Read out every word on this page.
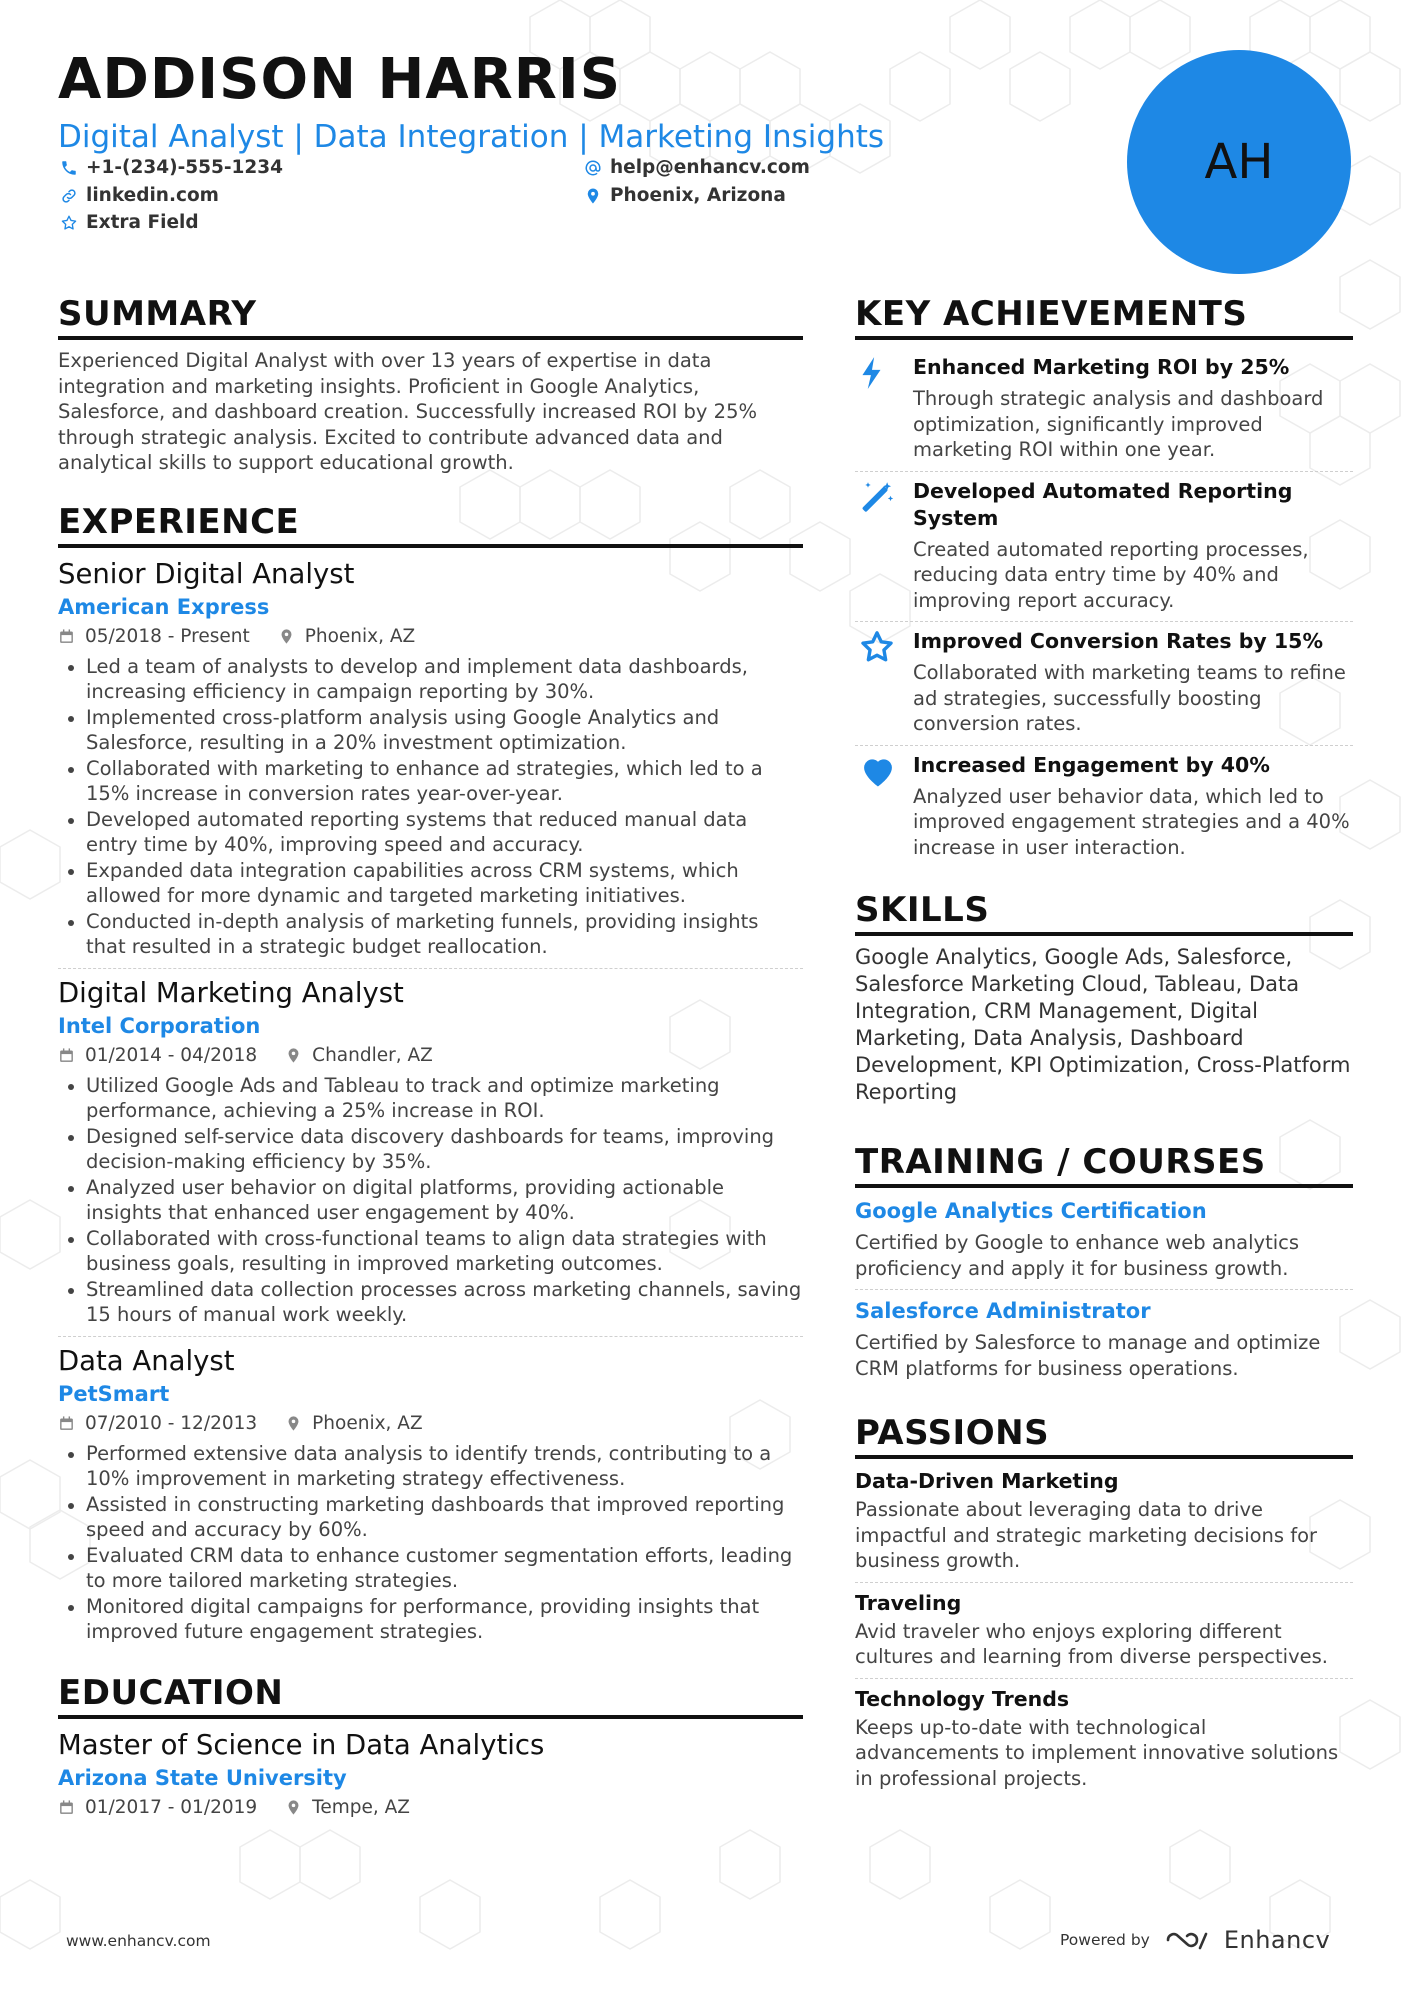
ADDISON HARRIS
Digital Analyst | Data Integration | Marketing Insights
+1-(234)-555-1234	help@enhancv.com
linkedin.com	Phoenix, Arizona
Extra Field
AH
SUMMARY
Experienced Digital Analyst with over 13 years of expertise in data integration and marketing insights. Proficient in Google Analytics, Salesforce, and dashboard creation. Successfully increased ROI by 25% through strategic analysis. Excited to contribute advanced data and analytical skills to support educational growth.
EXPERIENCE
Senior Digital Analyst
American Express
05/2018 - Present	Phoenix, AZ
Led a team of analysts to develop and implement data dashboards, increasing efficiency in campaign reporting by 30%.
Implemented cross-platform analysis using Google Analytics and Salesforce, resulting in a 20% investment optimization.
Collaborated with marketing to enhance ad strategies, which led to a 15% increase in conversion rates year-over-year.
Developed automated reporting systems that reduced manual data entry time by 40%, improving speed and accuracy.
Expanded data integration capabilities across CRM systems, which allowed for more dynamic and targeted marketing initiatives.
Conducted in-depth analysis of marketing funnels, providing insights that resulted in a strategic budget reallocation.
Digital Marketing Analyst
Intel Corporation
01/2014 - 04/2018	Chandler, AZ
Utilized Google Ads and Tableau to track and optimize marketing performance, achieving a 25% increase in ROI.
Designed self-service data discovery dashboards for teams, improving decision-making efficiency by 35%.
Analyzed user behavior on digital platforms, providing actionable insights that enhanced user engagement by 40%.
Collaborated with cross-functional teams to align data strategies with business goals, resulting in improved marketing outcomes.
Streamlined data collection processes across marketing channels, saving 15 hours of manual work weekly.
Data Analyst
PetSmart
07/2010 - 12/2013	Phoenix, AZ
Performed extensive data analysis to identify trends, contributing to a 10% improvement in marketing strategy effectiveness.
Assisted in constructing marketing dashboards that improved reporting speed and accuracy by 60%.
Evaluated CRM data to enhance customer segmentation efforts, leading to more tailored marketing strategies.
Monitored digital campaigns for performance, providing insights that improved future engagement strategies.
EDUCATION
Master of Science in Data Analytics
Arizona State University
01/2017 - 01/2019	Tempe, AZ
KEY ACHIEVEMENTS
Enhanced Marketing ROI by 25%
Through strategic analysis and dashboard optimization, significantly improved marketing ROI within one year.
Developed Automated Reporting System
Created automated reporting processes, reducing data entry time by 40% and improving report accuracy.
Improved Conversion Rates by 15%
Collaborated with marketing teams to refine ad strategies, successfully boosting conversion rates.
Increased Engagement by 40%
Analyzed user behavior data, which led to improved engagement strategies and a 40% increase in user interaction.
SKILLS
Google Analytics, Google Ads, Salesforce, Salesforce Marketing Cloud, Tableau, Data Integration, CRM Management, Digital Marketing, Data Analysis, Dashboard Development, KPI Optimization, Cross-Platform Reporting
TRAINING / COURSES
Google Analytics Certification
Certified by Google to enhance web analytics proficiency and apply it for business growth.
Salesforce Administrator
Certified by Salesforce to manage and optimize CRM platforms for business operations.
PASSIONS
Data-Driven Marketing
Passionate about leveraging data to drive impactful and strategic marketing decisions for business growth.
Traveling
Avid traveler who enjoys exploring different cultures and learning from diverse perspectives.
Technology Trends
Keeps up-to-date with technological advancements to implement innovative solutions in professional projects.
www.enhancv.com	Powered by	Enhancv
